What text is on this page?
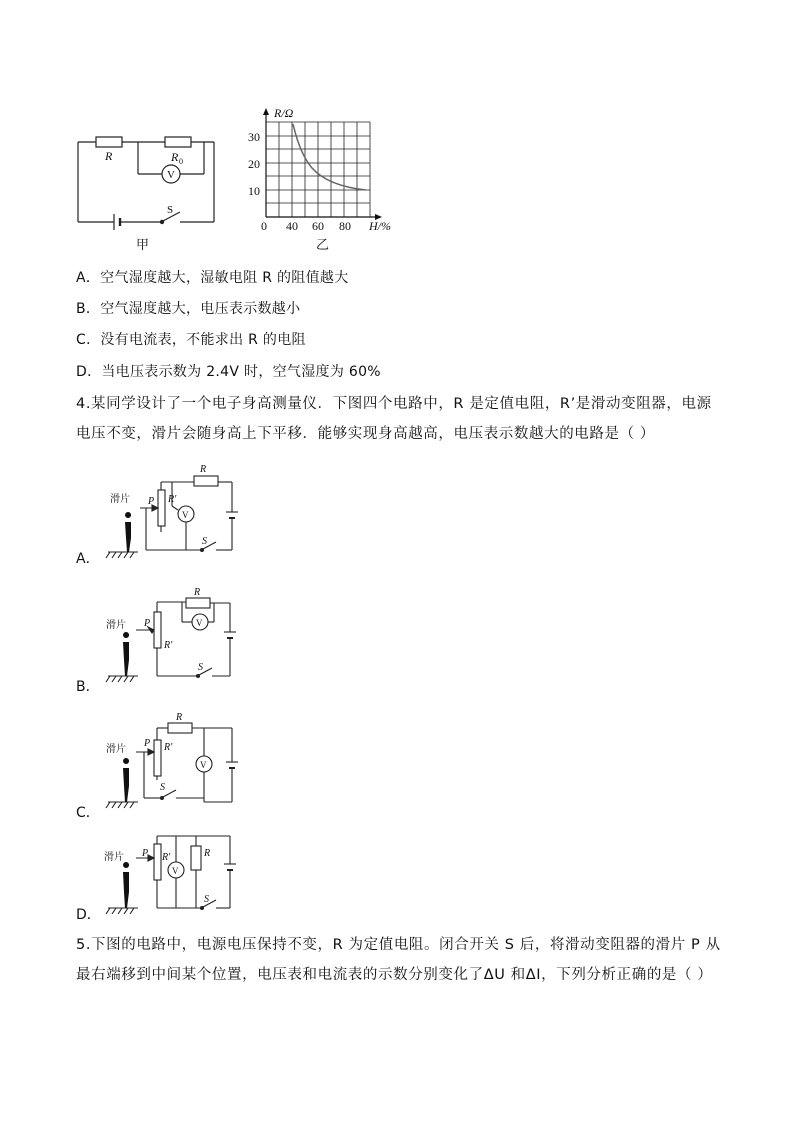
R	R 0
V
S
甲
R/Ω
30
20
10
0 40 60 80 H/%
乙
A．空气湿度越大，湿敏电阻 R 的阻值越大
B．空气湿度越大，电压表示数越小
C．没有电流表，不能求出 R 的电阻
D．当电压表示数为 2.4V 时，空气湿度为 60%
4.某同学设计了一个电子身高测量仪．下图四个电路中，R 是定值电阻，R’是滑动变阻器，电源电压不变，滑片会随身高上下平移．能够实现身高越高，电压表示数越大的电路是（ ）
滑片 P R'
R
V
S
A．
滑片 P
R'
R
V
S
B．
滑片
P R'
R
V
S
C．
滑片 P R'	R
V
S
D．
5.下图的电路中，电源电压保持不变，R 为定值电阻。闭合开关 S 后，将滑动变阻器的滑片 P 从最右端移到中间某个位置，电压表和电流表的示数分别变化了ΔU 和ΔI，下列分析正确的是（ ）
